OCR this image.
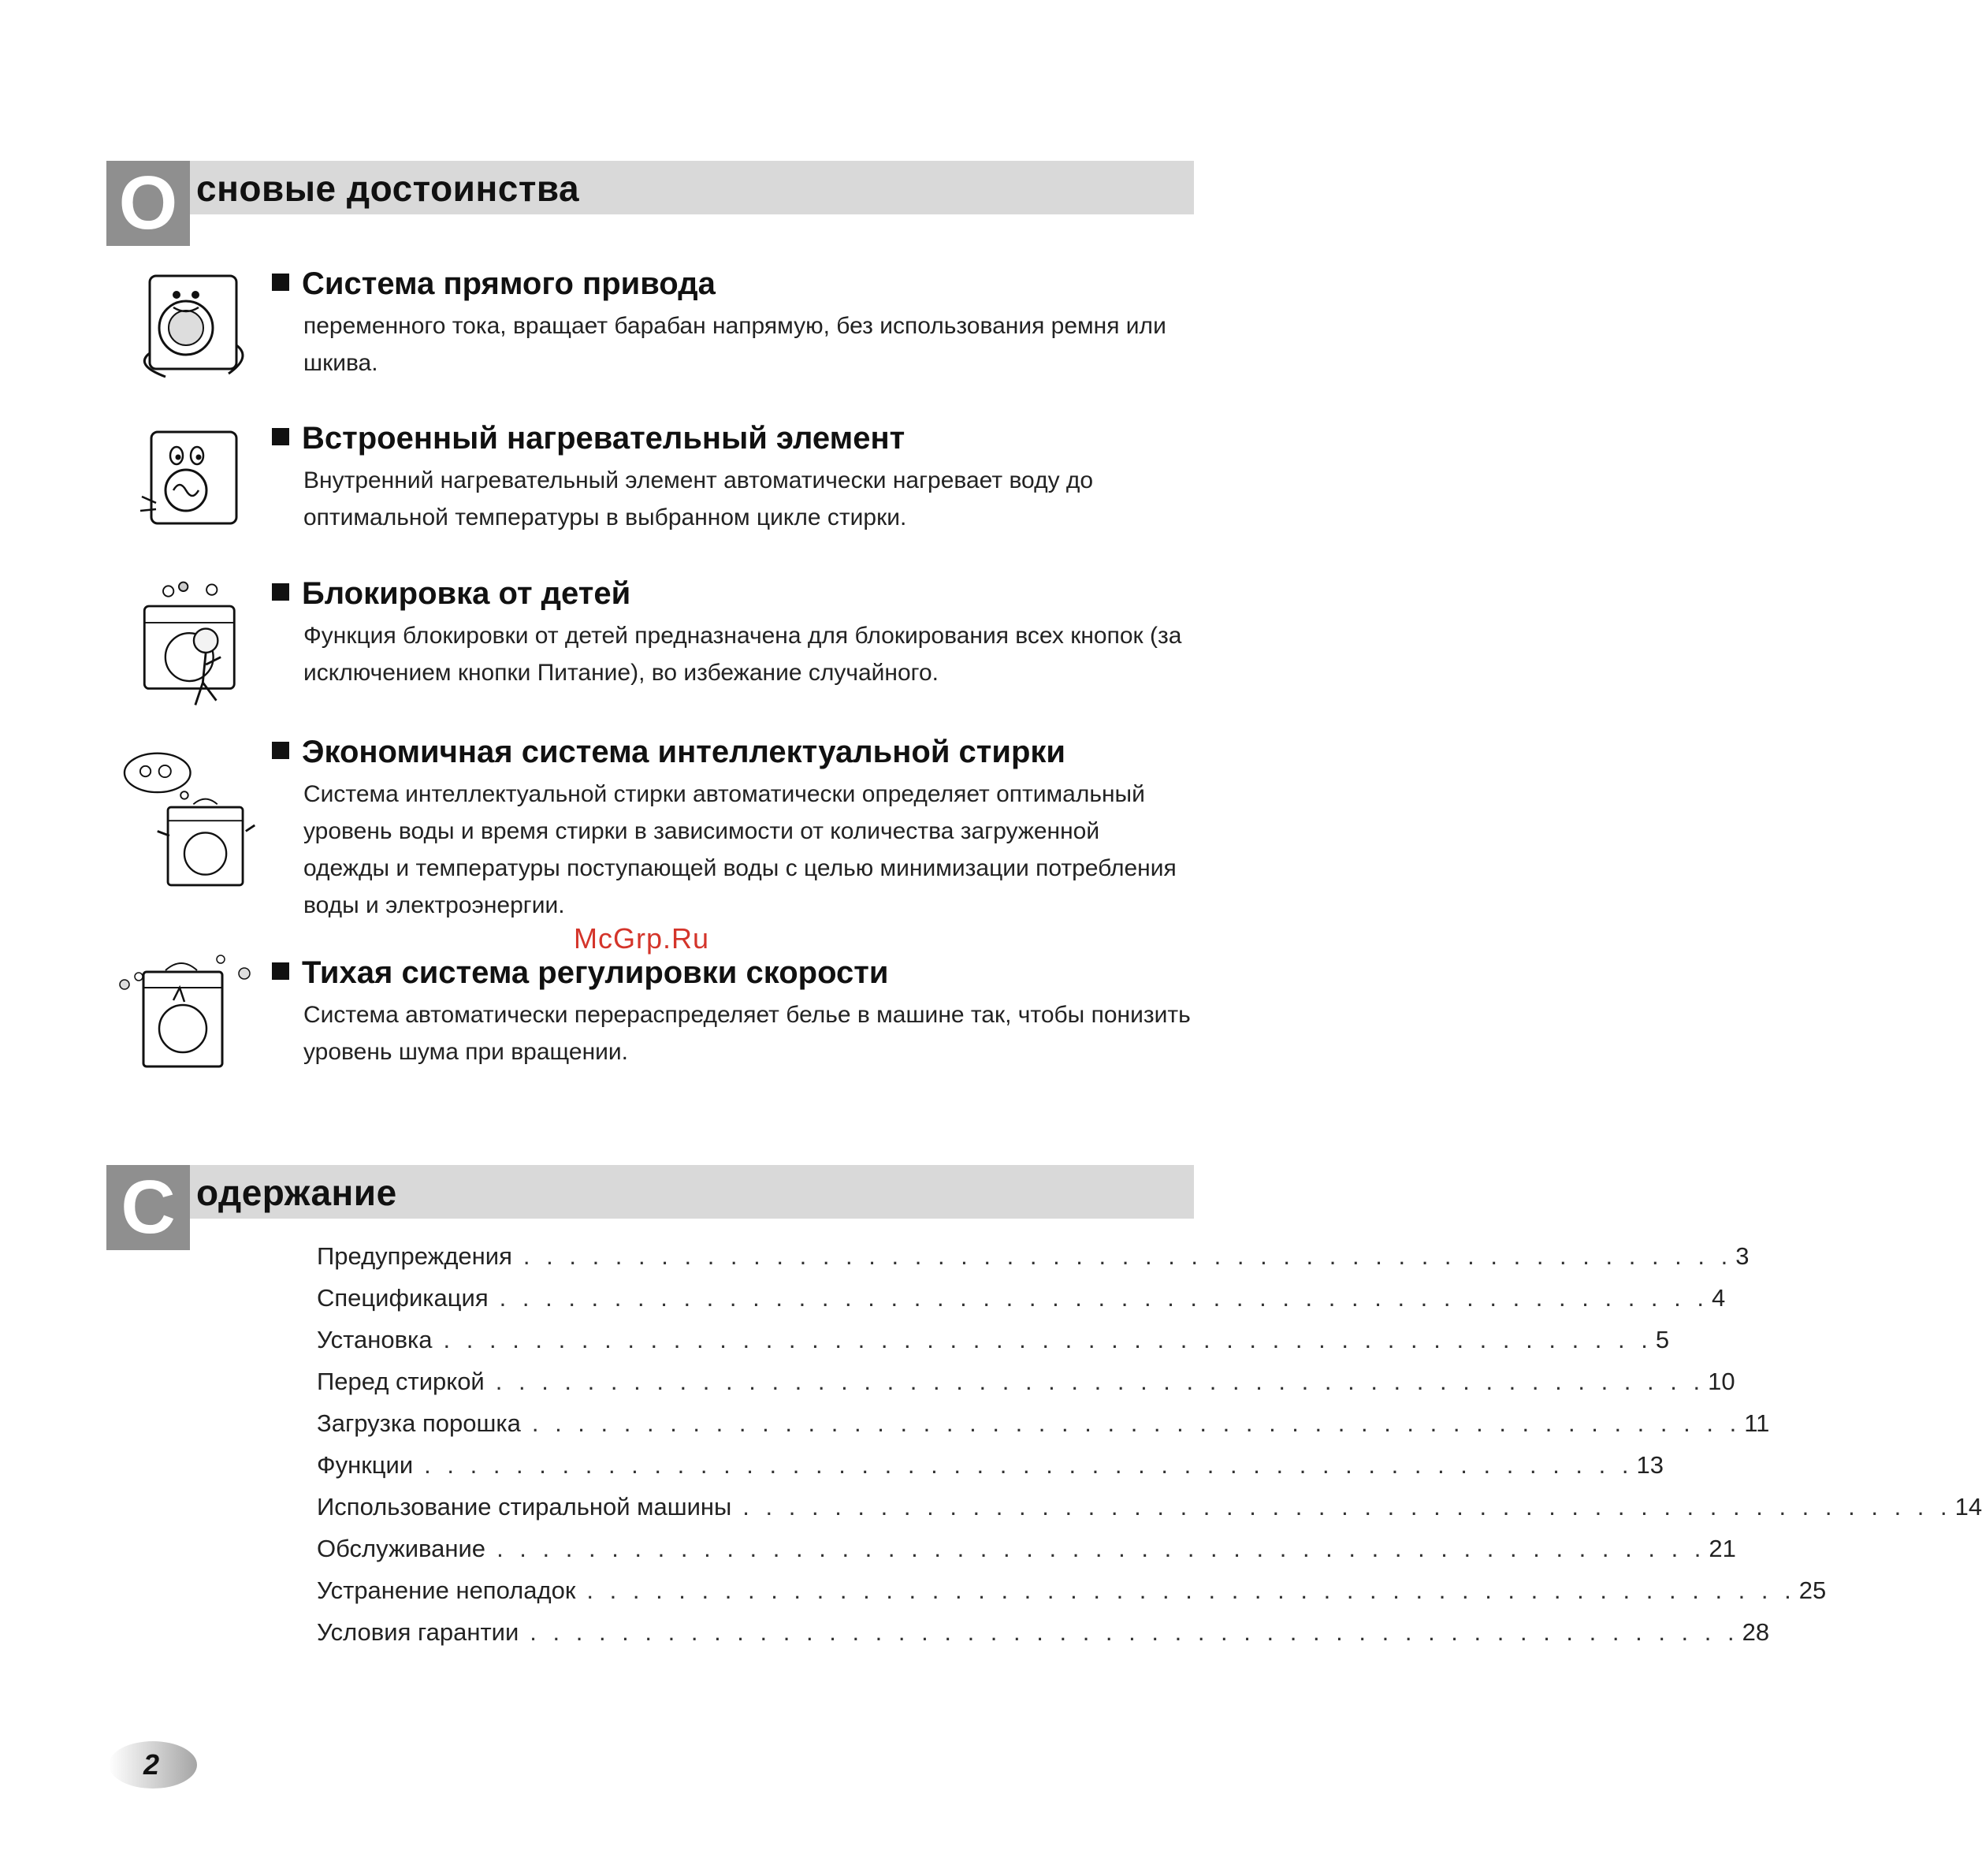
О сновые достоинства
Система прямого привода

переменного тока, вращает барабан напрямую, без использования ремня или шкива.

Встроенный нагревательный элемент

Внутренний нагревательный элемент автоматически нагревает воду до оптимальной температуры в выбранном цикле стирки.

Блокировка от детей

Функция блокировки от детей предназначена для блокирования всех кнопок (за исключением кнопки Питание), во избежание случайного.

Экономичная система интеллектуальной стирки

Система интеллектуальной стирки автоматически определяет оптимальный уровень воды и время стирки в зависимости от количества загруженной одежды и температуры поступающей воды с целью минимизации потребления воды и электроэнергии.

McGrp.Ru
Тихая система регулировки скорости

Система автоматически перераспределяет белье в машине так, чтобы понизить уровень шума при вращении.

С одержание
Предупреждения . . . . . . . . . . . . . . . . . . . . . . . . . . . . . . . . . . . . . . . . . . . . . . . . . . . . . 3
Спецификация . . . . . . . . . . . . . . . . . . . . . . . . . . . . . . . . . . . . . . . . . . . . . . . . . . . . . 4
Установка . . . . . . . . . . . . . . . . . . . . . . . . . . . . . . . . . . . . . . . . . . . . . . . . . . . . . 5
Перед стиркой . . . . . . . . . . . . . . . . . . . . . . . . . . . . . . . . . . . . . . . . . . . . . . . . . . . . . 10
Загрузка порошка . . . . . . . . . . . . . . . . . . . . . . . . . . . . . . . . . . . . . . . . . . . . . . . . . . . . . 11
Функции . . . . . . . . . . . . . . . . . . . . . . . . . . . . . . . . . . . . . . . . . . . . . . . . . . . . . 13
Использование стиральной машины . . . . . . . . . . . . . . . . . . . . . . . . . . . . . . . . . . . . . . . . . . . . . . . . . . . . . 14
Обслуживание . . . . . . . . . . . . . . . . . . . . . . . . . . . . . . . . . . . . . . . . . . . . . . . . . . . . . 21
Устранение неполадок . . . . . . . . . . . . . . . . . . . . . . . . . . . . . . . . . . . . . . . . . . . . . . . . . . . . . 25
Условия гарантии . . . . . . . . . . . . . . . . . . . . . . . . . . . . . . . . . . . . . . . . . . . . . . . . . . . . . 28
2
